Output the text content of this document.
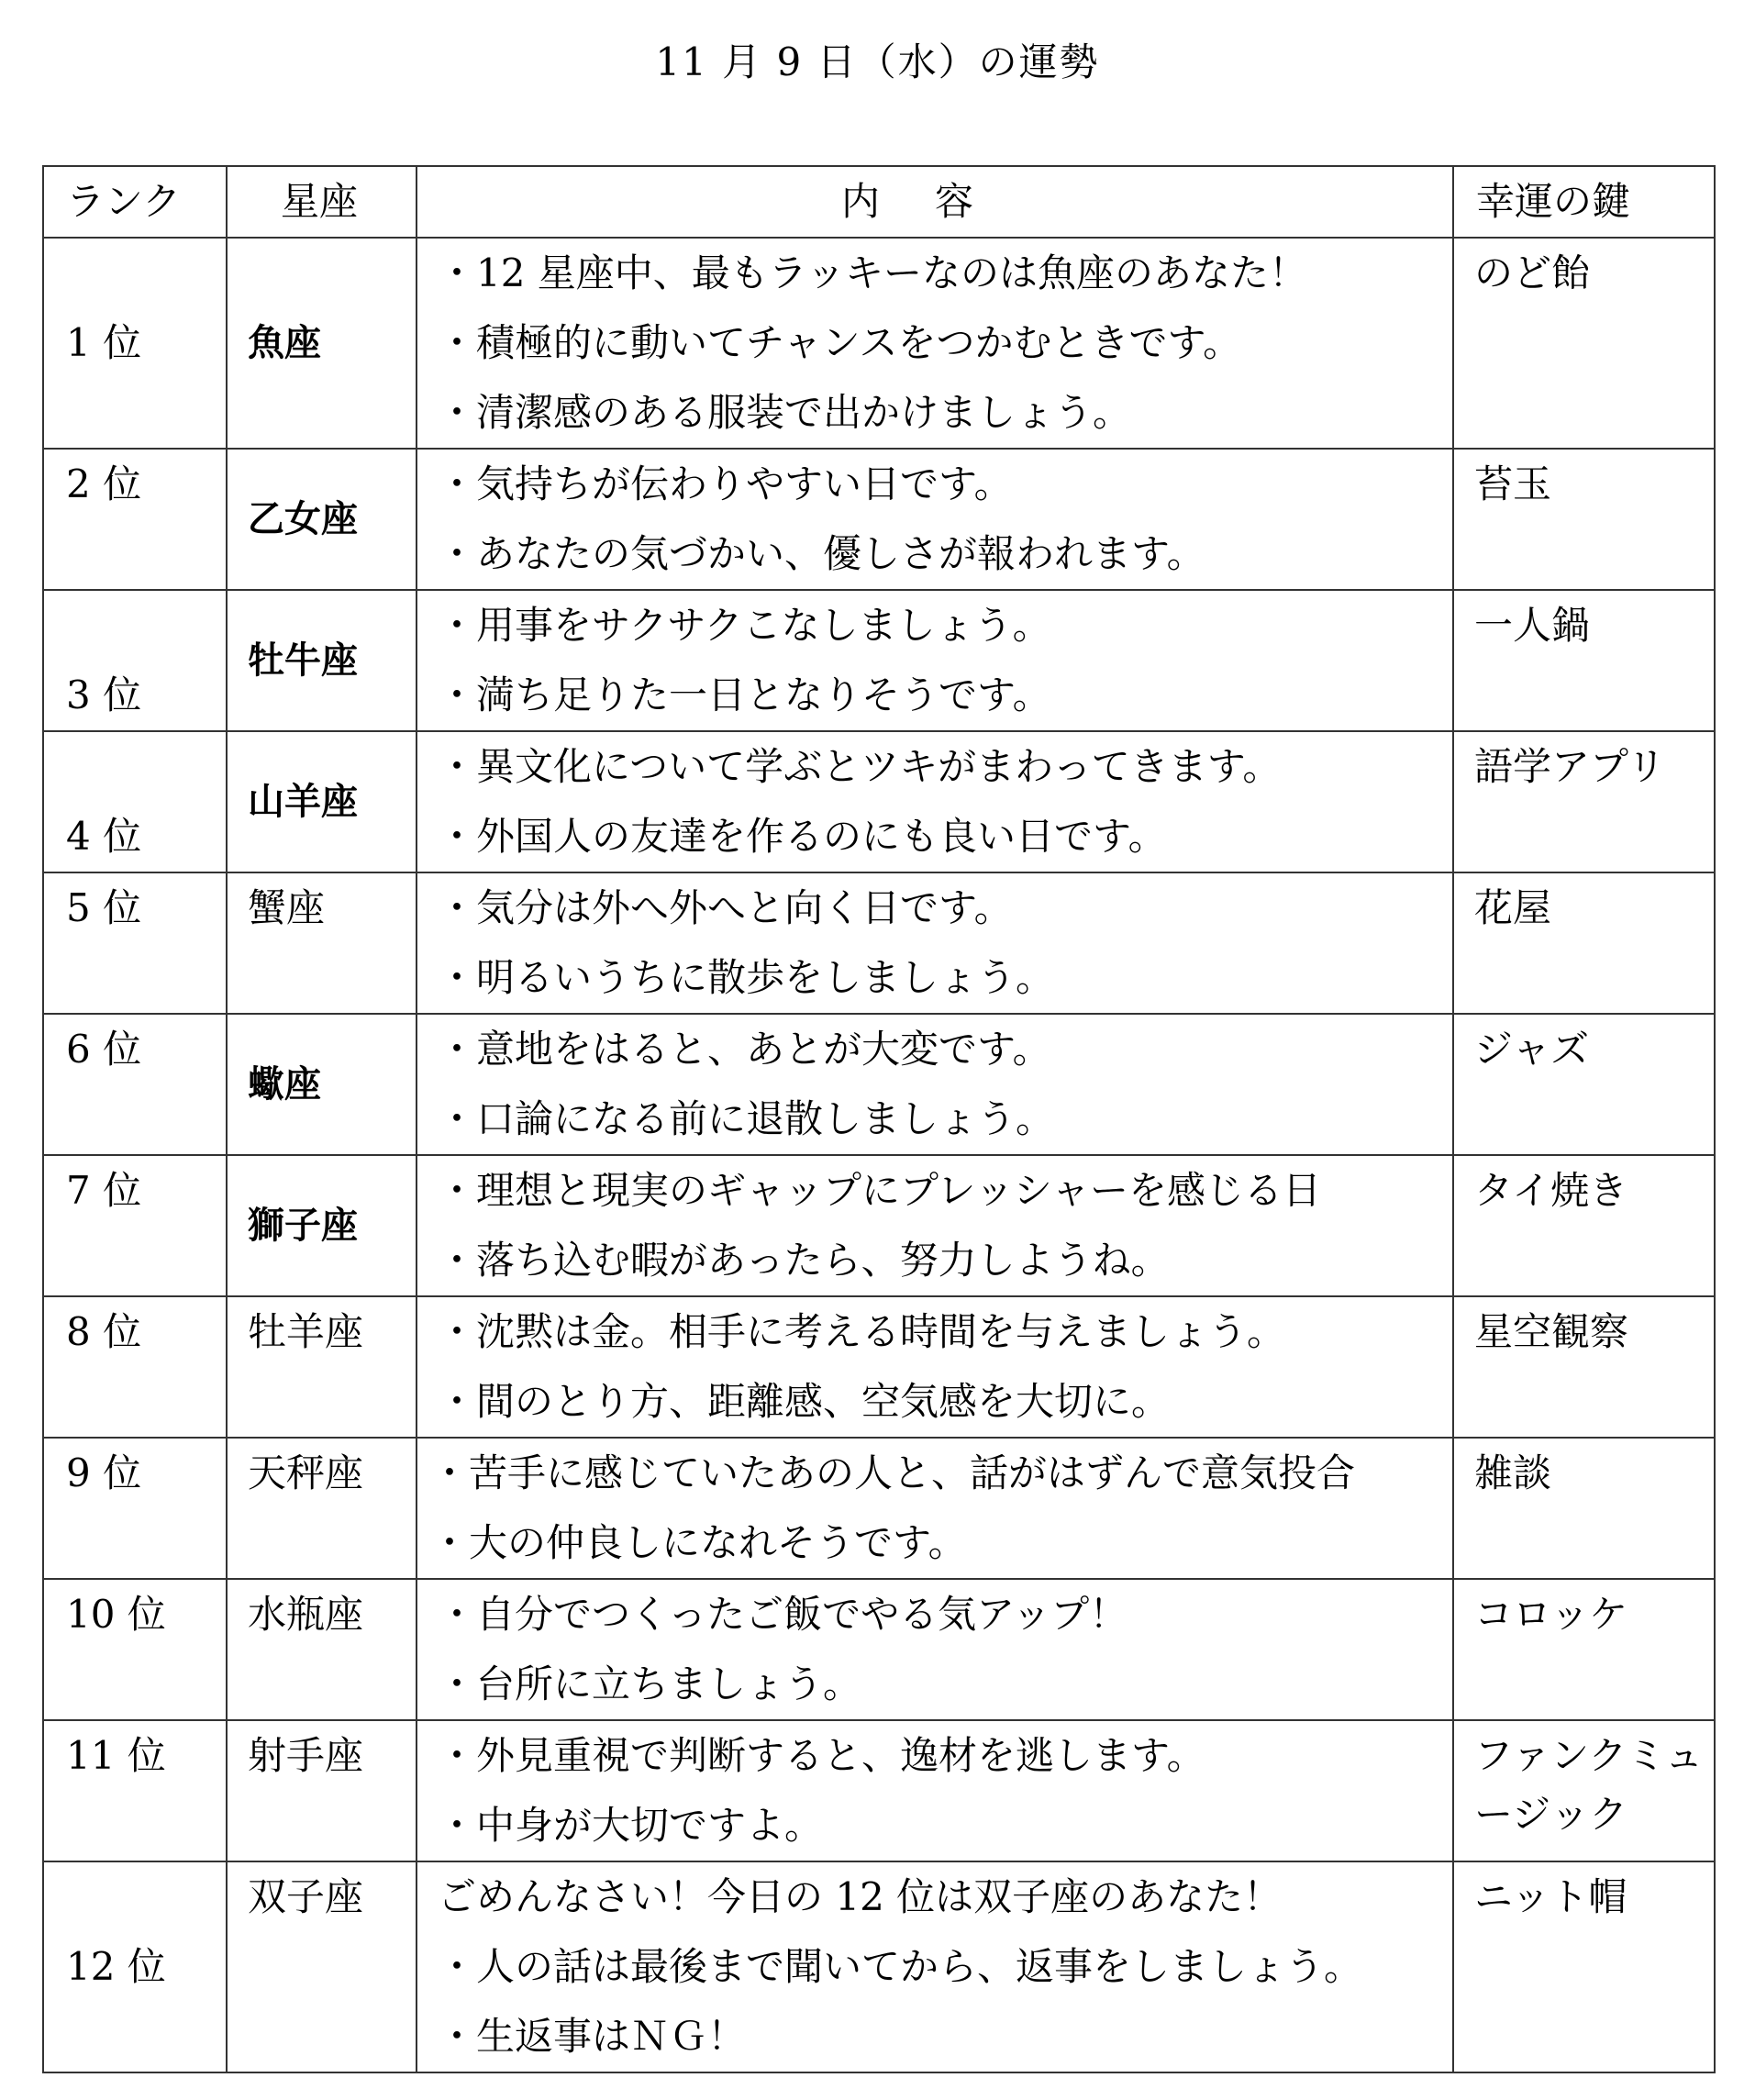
11 月 9 日（水）の運勢
ランク	星座	内容	幸運の鍵

1 位	魚座	・12 星座中、最もラッキーなのは魚座のあなた！
・積極的に動いてチャンスをつかむときです。
・清潔感のある服装で出かけましょう。	のど飴

2 位	乙女座	・気持ちが伝わりやすい日です。
・あなたの気づかい、優しさが報われます。	苔玉

3 位	牡牛座	・用事をサクサクこなしましょう。
・満ち足りた一日となりそうです。	一人鍋

4 位	山羊座	・異文化について学ぶとツキがまわってきます。
・外国人の友達を作るのにも良い日です。	語学アプリ

5 位	蟹座	・気分は外へ外へと向く日です。
・明るいうちに散歩をしましょう。	花屋

6 位	蠍座	・意地をはると、あとが大変です。
・口論になる前に退散しましょう。	ジャズ

7 位	獅子座	・理想と現実のギャップにプレッシャーを感じる日
・落ち込む暇があったら、努力しようね。	タイ焼き

8 位	牡羊座	・沈黙は金。相手に考える時間を与えましょう。
・間のとり方、距離感、空気感を大切に。	星空観察

9 位	天秤座	・苦手に感じていたあの人と、話がはずんで意気投合
・大の仲良しになれそうです。	雑談

10 位	水瓶座	・自分でつくったご飯でやる気アップ！
・台所に立ちましょう。	コロッケ

11 位	射手座	・外見重視で判断すると、逸材を逃します。
・中身が大切ですよ。	ファンクミュージック

12 位	双子座	ごめんなさい！今日の 12 位は双子座のあなた！
・人の話は最後まで聞いてから、返事をしましょう。
・生返事はＮＧ！	ニット帽
